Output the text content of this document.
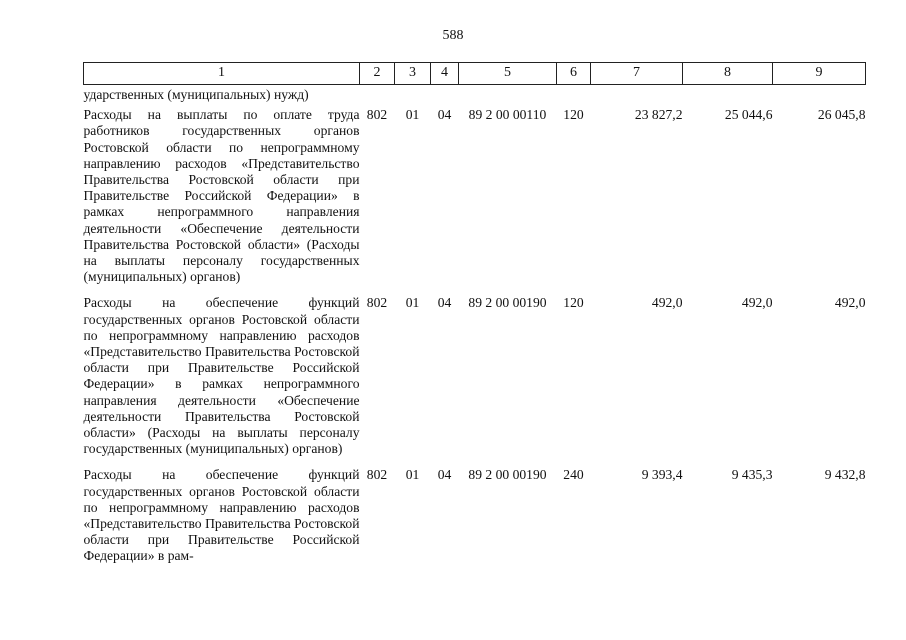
588
1	2	3	4	5	6	7	8	9
ударственных (муниципальных) нужд)								
Расходы на выплаты по оплате труда работников государственных органов Ростовской области по непрограммному направлению расходов «Представительство Правительства Ростовской области при Правительстве Российской Федерации» в рамках непрограммного направления деятельности «Обеспечение деятельности Правительства Ростовской области» (Расходы на выплаты персоналу государственных (муниципальных) органов)	802	01	04	89 2 00 00110	120	23 827,2	25 044,6	26 045,8
Расходы на обеспечение функций государственных органов Ростовской области по непрограммному направлению расходов «Представительство Правительства Ростовской области при Правительстве Российской Федерации» в рамках непрограммного направления деятельности «Обеспечение деятельности Правительства Ростовской области» (Расходы на выплаты персоналу государственных (муниципальных) органов)	802	01	04	89 2 00 00190	120	492,0	492,0	492,0
Расходы на обеспечение функций государственных органов Ростовской области по непрограммному направлению расходов «Представительство Правительства Ростовской области при Правительстве Российской Федерации» в рам-	802	01	04	89 2 00 00190	240	9 393,4	9 435,3	9 432,8
